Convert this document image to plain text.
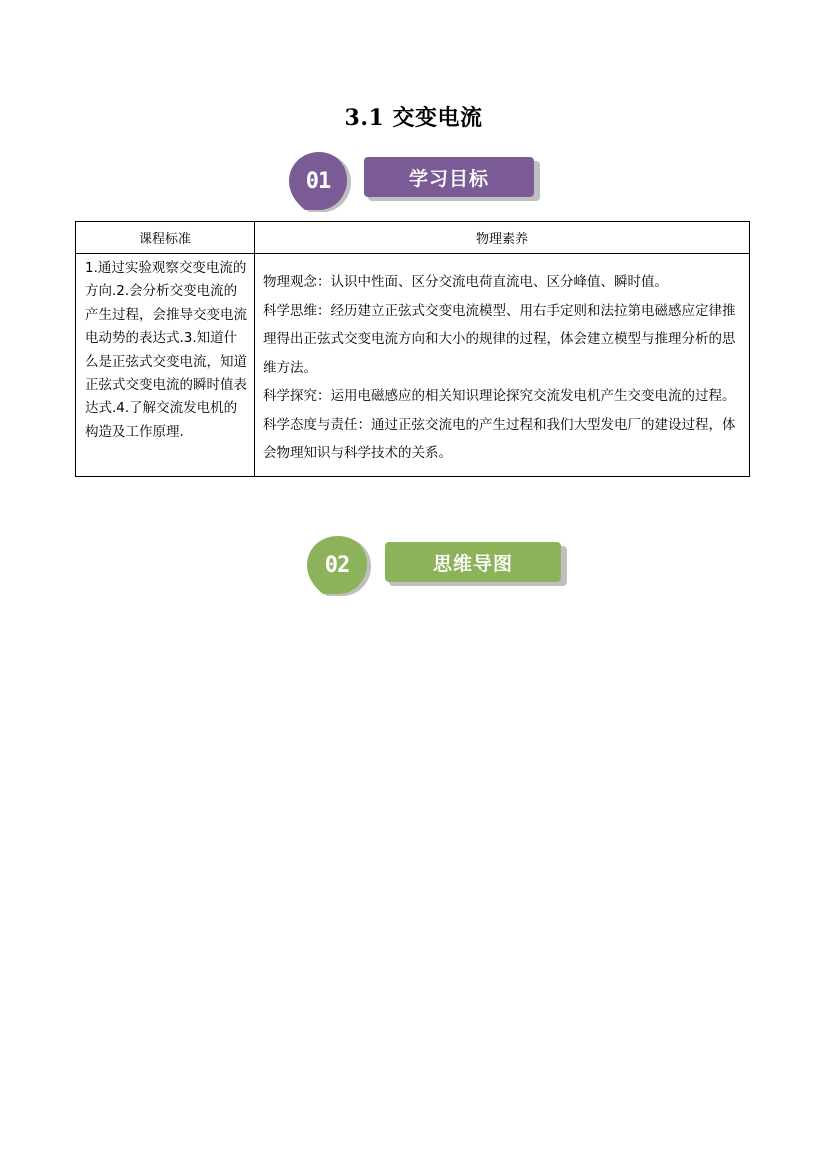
3.1 交变电流
01	学习目标
课程标准	物理素养
1.通过实验观察交变电流的方向.2.会分析交变电流的产生过程，会推导交变电流电动势的表达式.3.知道什么是正弦式交变电流，知道正弦式交变电流的瞬时值表达式.4.了解交流发电机的构造及工作原理.	物理观念：认识中性面、区分交流电荷直流电、区分峰值、瞬时值。
科学思维：经历建立正弦式交变电流模型、用右手定则和法拉第电磁感应定律推理得出正弦式交变电流方向和大小的规律的过程，体会建立模型与推理分析的思维方法。
科学探究：运用电磁感应的相关知识理论探究交流发电机产生交变电流的过程。
科学态度与责任：通过正弦交流电的产生过程和我们大型发电厂的建设过程，体会物理知识与科学技术的关系。
02	思维导图
